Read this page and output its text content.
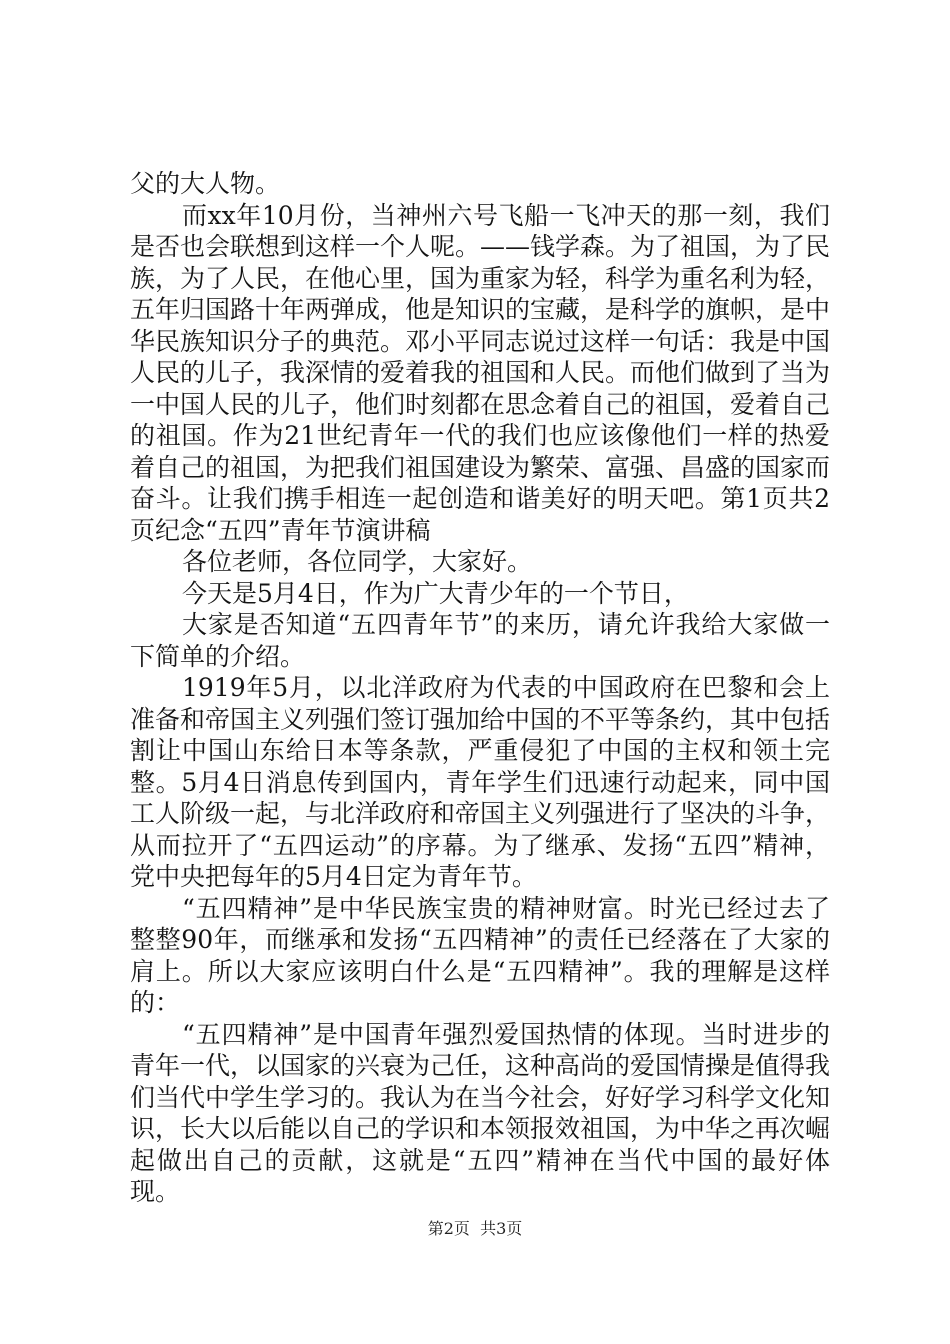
父的大人物。

而xx年10月份，当神州六号飞船一飞冲天的那一刻，我们是否也会联想到这样一个人呢。——钱学森。为了祖国，为了民族，为了人民，在他心里，国为重家为轻，科学为重名利为轻，五年归国路十年两弹成，他是知识的宝藏，是科学的旗帜，是中华民族知识分子的典范。邓小平同志说过这样一句话：我是中国人民的儿子，我深情的爱着我的祖国和人民。而他们做到了当为一中国人民的儿子，他们时刻都在思念着自己的祖国，爱着自己的祖国。作为21世纪青年一代的我们也应该像他们一样的热爱着自己的祖国，为把我们祖国建设为繁荣、富强、昌盛的国家而奋斗。让我们携手相连一起创造和谐美好的明天吧。第1页共2页纪念“五四”青年节演讲稿

各位老师，各位同学，大家好。

今天是5月4日，作为广大青少年的一个节日，

大家是否知道“五四青年节”的来历，请允许我给大家做一下简单的介绍。

1919年5月，以北洋政府为代表的中国政府在巴黎和会上准备和帝国主义列强们签订强加给中国的不平等条约，其中包括割让中国山东给日本等条款，严重侵犯了中国的主权和领土完整。5月4日消息传到国内，青年学生们迅速行动起来，同中国工人阶级一起，与北洋政府和帝国主义列强进行了坚决的斗争，从而拉开了“五四运动”的序幕。为了继承、发扬“五四”精神，党中央把每年的5月4日定为青年节。

“五四精神”是中华民族宝贵的精神财富。时光已经过去了整整90年，而继承和发扬“五四精神”的责任已经落在了大家的肩上。所以大家应该明白什么是“五四精神”。我的理解是这样的：

“五四精神”是中国青年强烈爱国热情的体现。当时进步的青年一代，以国家的兴衰为己任，这种高尚的爱国情操是值得我们当代中学生学习的。我认为在当今社会，好好学习科学文化知识，长大以后能以自己的学识和本领报效祖国，为中华之再次崛起做出自己的贡献，这就是“五四”精神在当代中国的最好体现。

第2页  共3页
